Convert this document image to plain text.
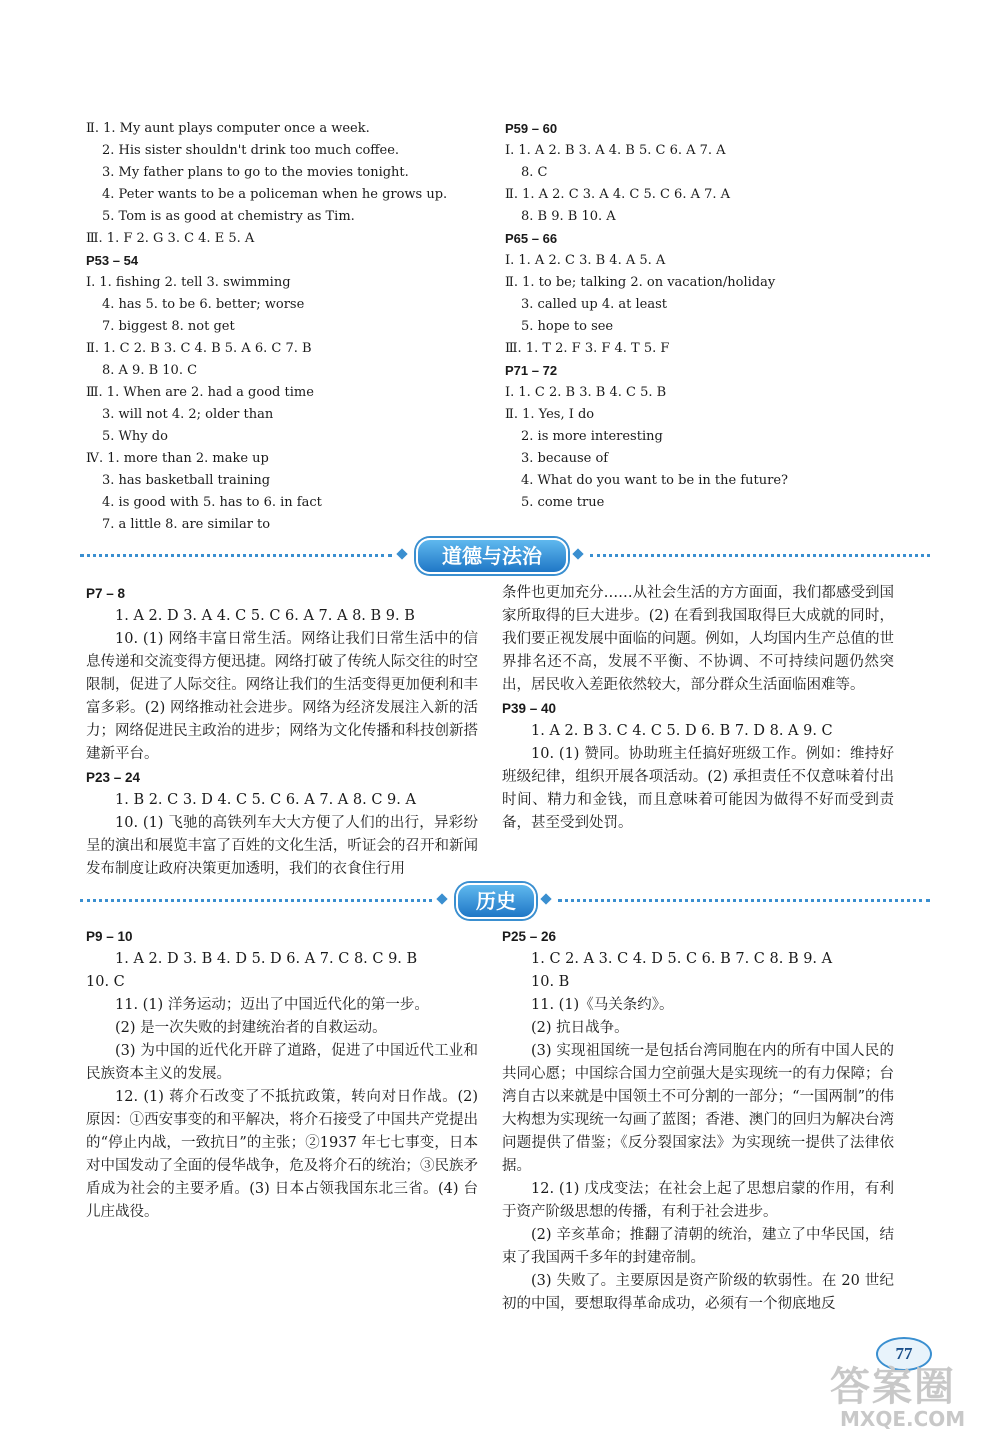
Ⅱ. 1. My aunt plays computer once a week.
2. His sister shouldn't drink too much coffee.
3. My father plans to go to the movies tonight.
4. Peter wants to be a policeman when he grows up.
5. Tom is as good at chemistry as Tim.
Ⅲ. 1. F 2. G 3. C 4. E 5. A
P53 – 54
Ⅰ. 1. fishing 2. tell 3. swimming
4. has 5. to be 6. better; worse
7. biggest 8. not get
Ⅱ. 1. C 2. B 3. C 4. B 5. A 6. C 7. B
8. A 9. B 10. C
Ⅲ. 1. When are 2. had a good time
3. will not 4. 2; older than
5. Why do
Ⅳ. 1. more than 2. make up
3. has basketball training
4. is good with 5. has to 6. in fact
7. a little 8. are similar to
P59 – 60
Ⅰ. 1. A 2. B 3. A 4. B 5. C 6. A 7. A
8. C
Ⅱ. 1. A 2. C 3. A 4. C 5. C 6. A 7. A
8. B 9. B 10. A
P65 – 66
Ⅰ. 1. A 2. C 3. B 4. A 5. A
Ⅱ. 1. to be; talking 2. on vacation/holiday
3. called up 4. at least
5. hope to see
Ⅲ. 1. T 2. F 3. F 4. T 5. F
P71 – 72
Ⅰ. 1. C 2. B 3. B 4. C 5. B
Ⅱ. 1. Yes, I do
2. is more interesting
3. because of
4. What do you want to be in the future?
5. come true
道德与法治

P7 – 8

1. A 2. D 3. A 4. C 5. C 6. A 7. A 8. B 9. B

10. (1) 网络丰富日常生活。网络让我们日常生活中的信息传递和交流变得方便迅捷。网络打破了传统人际交往的时空限制，促进了人际交往。网络让我们的生活变得更加便利和丰富多彩。(2) 网络推动社会进步。网络为经济发展注入新的活力；网络促进民主政治的进步；网络为文化传播和科技创新搭建新平台。

P23 – 24

1. B 2. C 3. D 4. C 5. C 6. A 7. A 8. C 9. A

10. (1) 飞驰的高铁列车大大方便了人们的出行，异彩纷呈的演出和展览丰富了百姓的文化生活，听证会的召开和新闻发布制度让政府决策更加透明，我们的衣食住行用

条件也更加充分……从社会生活的方方面面，我们都感受到国家所取得的巨大进步。(2) 在看到我国取得巨大成就的同时，我们要正视发展中面临的问题。例如，人均国内生产总值的世界排名还不高，发展不平衡、不协调、不可持续问题仍然突出，居民收入差距依然较大，部分群众生活面临困难等。

P39 – 40

1. A 2. B 3. C 4. C 5. D 6. B 7. D 8. A 9. C

10. (1) 赞同。协助班主任搞好班级工作。例如：维持好班级纪律，组织开展各项活动。(2) 承担责任不仅意味着付出时间、精力和金钱，而且意味着可能因为做得不好而受到责备，甚至受到处罚。

历史

P9 – 10

1. A 2. D 3. B 4. D 5. D 6. A 7. C 8. C 9. B

10. C

11. (1) 洋务运动；迈出了中国近代化的第一步。

(2) 是一次失败的封建统治者的自救运动。

(3) 为中国的近代化开辟了道路，促进了中国近代工业和民族资本主义的发展。

12. (1) 蒋介石改变了不抵抗政策，转向对日作战。(2) 原因：①西安事变的和平解决，将介石接受了中国共产党提出的“停止内战，一致抗日”的主张；②1937 年七七事变，日本对中国发动了全面的侵华战争，危及将介石的统治；③民族矛盾成为社会的主要矛盾。(3) 日本占领我国东北三省。(4) 台儿庄战役。

P25 – 26

1. C 2. A 3. C 4. D 5. C 6. B 7. C 8. B 9. A

10. B

11. (1)《马关条约》。

(2) 抗日战争。

(3) 实现祖国统一是包括台湾同胞在内的所有中国人民的共同心愿；中国综合国力空前强大是实现统一的有力保障；台湾自古以来就是中国领土不可分割的一部分；“一国两制”的伟大构想为实现统一勾画了蓝图；香港、澳门的回归为解决台湾问题提供了借鉴；《反分裂国家法》为实现统一提供了法律依据。

12. (1) 戊戌变法；在社会上起了思想启蒙的作用，有利于资产阶级思想的传播，有利于社会进步。

(2) 辛亥革命；推翻了清朝的统治，建立了中华民国，结束了我国两千多年的封建帝制。

(3) 失败了。主要原因是资产阶级的软弱性。在 20 世纪初的中国，要想取得革命成功，必须有一个彻底地反

77
答案圈
MXQE.COM
